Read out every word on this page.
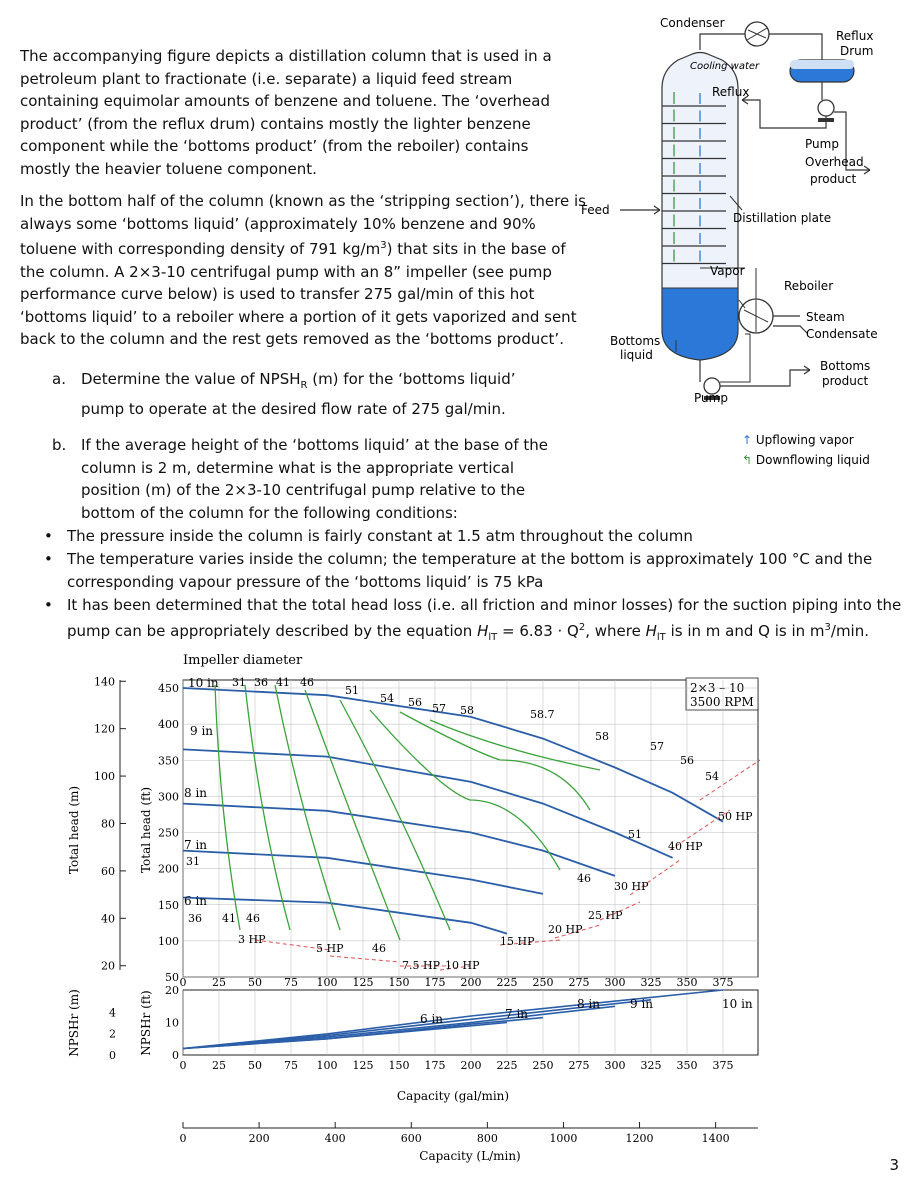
The accompanying figure depicts a distillation column that is used in a petroleum plant to fractionate (i.e. separate) a liquid feed stream containing equimolar amounts of benzene and toluene. The ‘overhead product’ (from the reflux drum) contains mostly the lighter benzene component while the ‘bottoms product’ (from the reboiler) contains mostly the heavier toluene component.

In the bottom half of the column (known as the ‘stripping section’), there is always some ‘bottoms liquid’ (approximately 10% benzene and 90% toluene with corresponding density of 791 $kg/m^3$) that sits in the base of the column. A 2×3-10 centrifugal pump with an 8” impeller (see pump performance curve below) is used to transfer 275 gal/min of this hot ‘bottoms liquid’ to a reboiler where a portion of it gets vaporized and sent back to the column and the rest gets removed as the ‘bottoms product’.

a.	Determine the value of $NPSH_R$ (m) for the ‘bottoms liquid’ pump to operate at the desired flow rate of 275 gal/min.
b. If the average height of the ‘bottoms liquid’ at the base of the column is 2 m, determine what is the appropriate vertical position (m) of the 2×3-10 centrifugal pump relative to the bottom of the column for the following conditions:
• The pressure inside the column is fairly constant at 1.5 atm throughout the column
• The temperature varies inside the column; the temperature at the bottom is approximately 100 °C and the corresponding vapour pressure of the ‘bottoms liquid’ is 75 kPa
• It has been determined that the total head loss (i.e. all friction and minor losses) for the suction piping into the pump can be appropriately described by the equation $H_{lT} = 6.83 \cdot Q^2$, where $H_{lT}$ is in m and Q is in $m^3/\min$.
Condenser
Reflux
Drum
Cooling water
Reflux
Pump
Overhead
product
Feed
Distillation plate
Vapor
Reboiler
Steam
Condensate
Bottoms
liquid
Bottoms
product
Pump
↑ Upflowing vapor
↰ Downflowing liquid
Impeller diameter
2×3 – 10
3500 RPM
0 25 50 75 100 125 150 175 200 225 250 275 300 325 350 375
50
100
150
200
250
300
350
400
450
20
40
60
80
100
120
140
Total head (m)	Total head (ft)
10 in
9 in
8 in
7 in
6 in
31 36 41 46
51
54 56 57 58	58.7
58
57
56
54
51
46
31
36 41 46
46
3 HP
5 HP
7.5 HP 10 HP
15 HP
20 HP
25 HP
30 HP
40 HP
50 HP
Capacity (gal/min)
0 25 50 75 100 125 150 175 200 225 250 275 300 325 350 375
0
10
20
0
2
4
NPSHr (m)	NPSHr (ft)	6 in	7 in
8 in 9 in	10 in
0	200	400	600	800	1000	1200	1400
Capacity (L/min)	3
